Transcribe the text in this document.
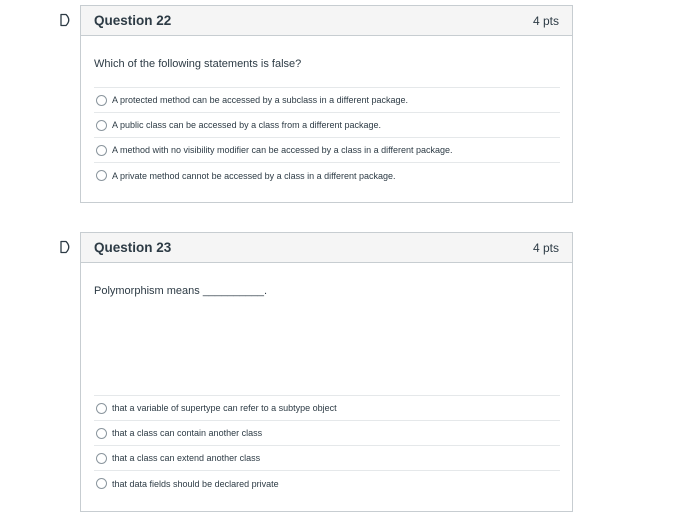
Question 22	4 pts
Which of the following statements is false?
A protected method can be accessed by a subclass in a different package.
A public class can be accessed by a class from a different package.
A method with no visibility modifier can be accessed by a class in a different package.
A private method cannot be accessed by a class in a different package.
Question 23	4 pts
Polymorphism means __________.
that a variable of supertype can refer to a subtype object
that a class can contain another class
that a class can extend another class
that data fields should be declared private
